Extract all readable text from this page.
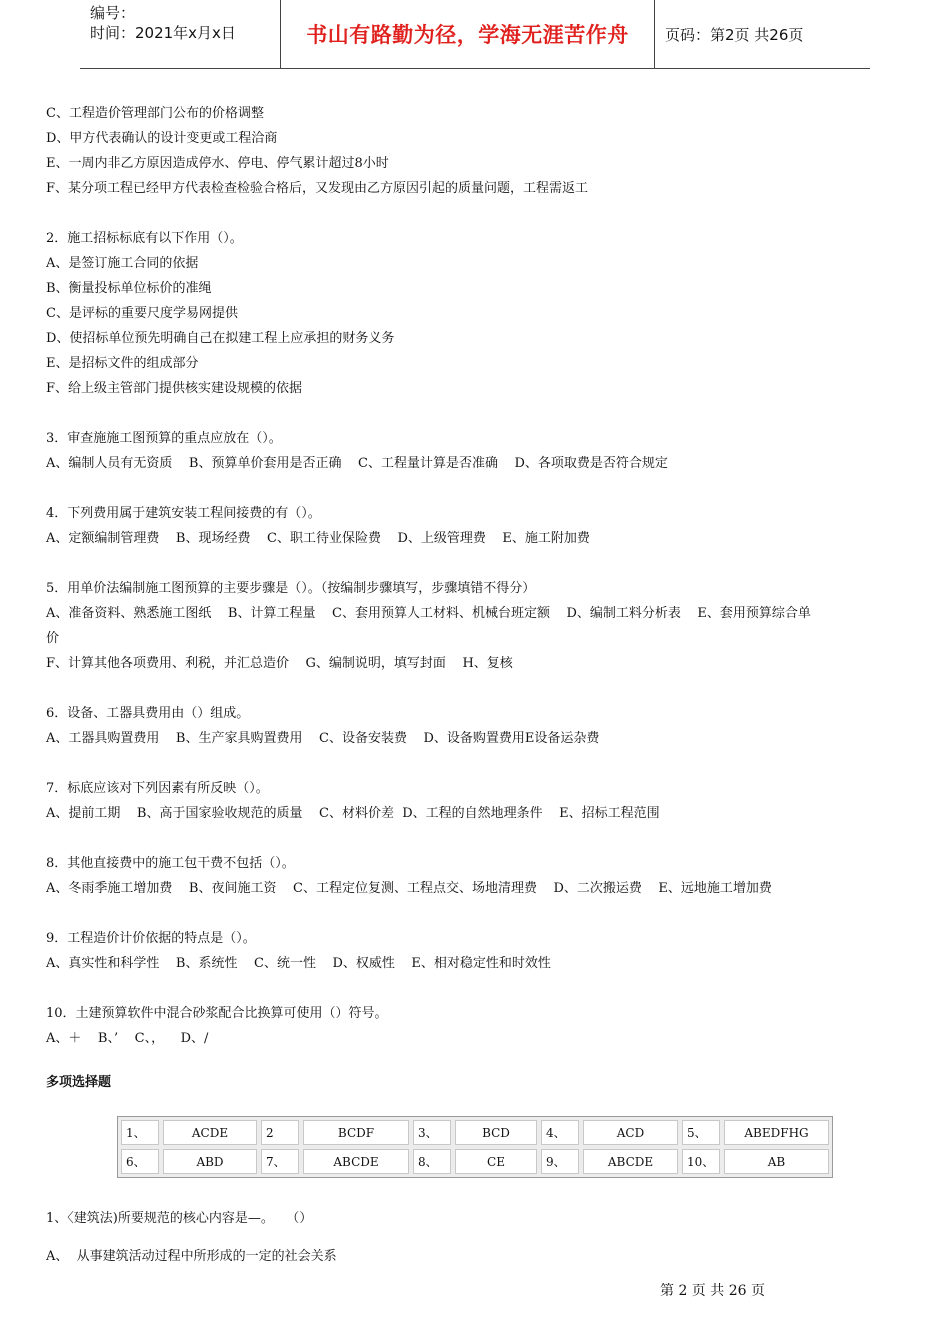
编号：
时间：2021年x月x日	书山有路勤为径，学海无涯苦作舟	页码：第2页 共26页
C、工程造价管理部门公布的价格调整
D、甲方代表确认的设计变更或工程洽商
E、一周内非乙方原因造成停水、停电、停气累计超过8小时
F、某分项工程已经甲方代表检查检验合格后，又发现由乙方原因引起的质量问题，工程需返工
2．施工招标标底有以下作用（）。
A、是签订施工合同的依据
B、衡量投标单位标价的准绳
C、是评标的重要尺度学易网提供
D、使招标单位预先明确自己在拟建工程上应承担的财务义务
E、是招标文件的组成部分
F、给上级主管部门提供核实建设规模的依据
3．审查施施工图预算的重点应放在（）。
A、编制人员有无资质    B、预算单价套用是否正确    C、工程量计算是否准确    D、各项取费是否符合规定
4．下列费用属于建筑安装工程间接费的有（）。
A、定额编制管理费    B、现场经费    C、职工待业保险费    D、上级管理费    E、施工附加费
5．用单价法编制施工图预算的主要步骤是（）。（按编制步骤填写，步骤填错不得分）
A、准备资料、熟悉施工图纸    B、计算工程量    C、套用预算人工材料、机械台班定额    D、编制工料分析表    E、套用预算综合单
价
F、计算其他各项费用、利税，并汇总造价    G、编制说明，填写封面    H、复核
6．设备、工器具费用由（）组成。
A、工器具购置费用    B、生产家具购置费用    C、设备安装费    D、设备购置费用E设备运杂费
7．标底应该对下列因素有所反映（）。
A、提前工期    B、高于国家验收规范的质量    C、材料价差  D、工程的自然地理条件    E、招标工程范围
8．其他直接费中的施工包干费不包括（）。
A、冬雨季施工增加费    B、夜间施工资    C、工程定位复测、工程点交、场地清理费    D、二次搬运费    E、远地施工增加费
9．工程造价计价依据的特点是（）。
A、真实性和科学性    B、系统性    C、统一性    D、权威性    E、相对稳定性和时效性
10．土建预算软件中混合砂浆配合比换算可使用（）符号。
A、＋    B、’    C、，    D、/
多项选择题
1、	ACDE	2	BCDF	3、	BCD	4、	ACD	5、	ABEDFHG
6、	ABD	7、	ABCDE	8、	CE	9、	ABCDE	10、	AB
1、〈建筑法)所要规范的核心内容是—。   （）
A、  从事建筑活动过程中所形成的一定的社会关系
第 2 页 共 26 页
